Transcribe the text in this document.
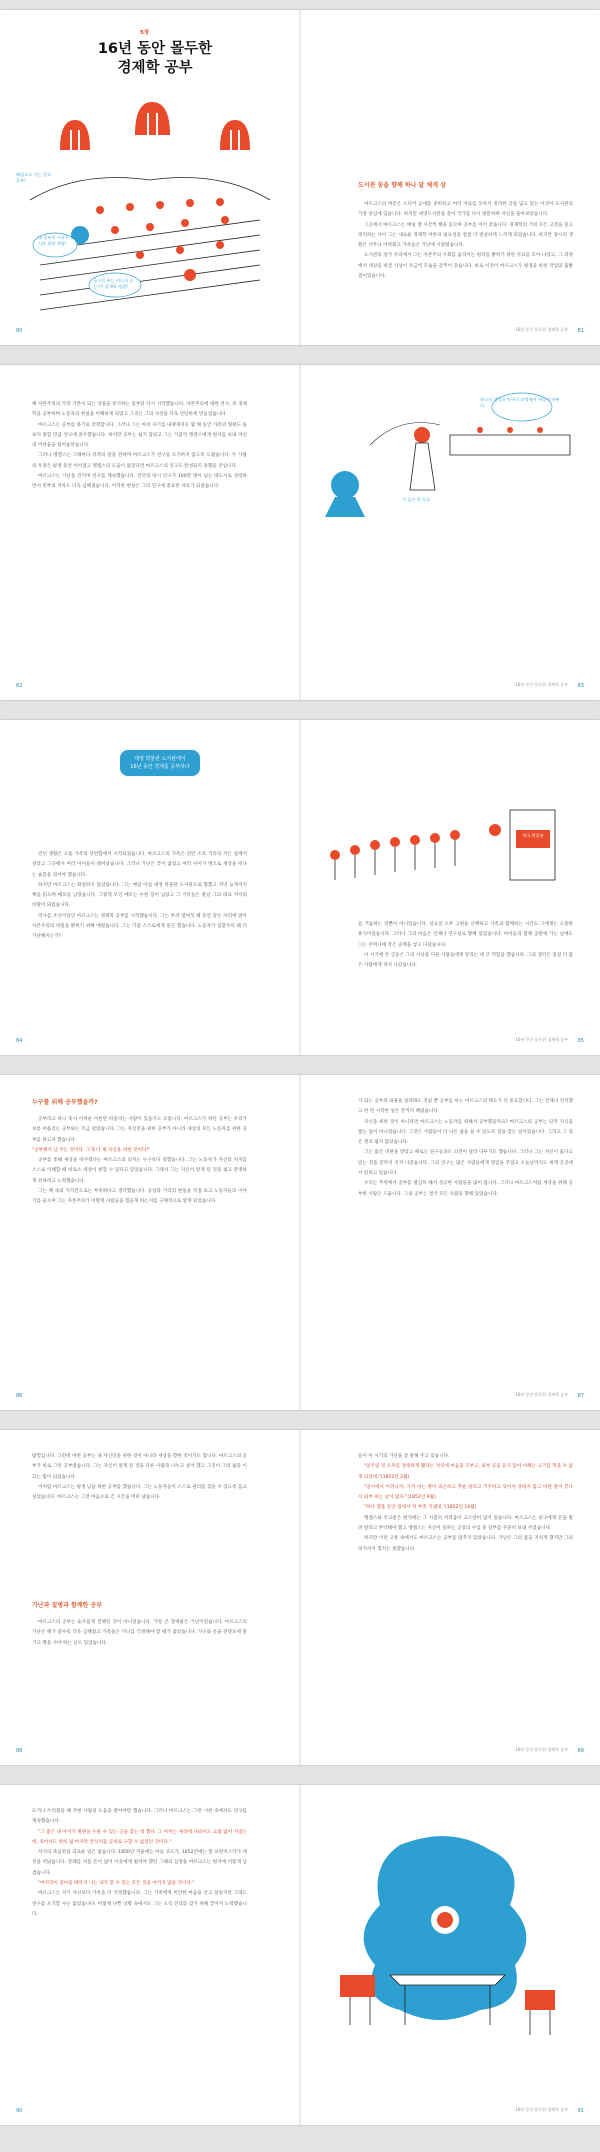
5장
16년 동안 몰두한
경제학 공부
레임으로 가는 길도 공부!
내 공부의 시작은 도서관 뒤편 책장!
국가의 부는 어디서 오는가? 경제학 정말!
80
도서관 꿈을 향해 하나 달 체게 삼

마르크스의 버릇은 드디어 공세를 준비하고 여러 자료를 모아서 정리한 글을 담고 있는 이것이 도서관의 가장 중심에 있습니다. 하지만 대영도서관을 찾아 국가를 다시 방문하며 자신을 돌아보았습니다.

그곳에서 마르크스는 매일 열 시간씩 책을 읽으며 공부를 이어 갔습니다. 경제학의 거의 모든 고전을 읽고 정리하는 사이 그는 새로운 경제학 이론의 필요성을 점점 더 절실하게 느끼게 되었습니다. 하지만 당시의 생활은 너무나 어려웠고 가족들은 가난에 시달렸습니다.

도서관의 창가 자리에서 그는 자본주의 사회를 움직이는 원리를 밝히기 위한 자료를 모아 나갔고, 그 과정에서 세상을 바꿀 사상이 조금씩 모습을 갖추어 갔습니다. 바로 이것이 마르크스가 평생을 바친 작업의 출발점이었습니다.

16년 동안 몰두한 경제학 공부 81

해 자본주의의 가장 기본이 되는 상품을 분석하는 일부터 다시 시작했습니다. 자본주의에 대한 연구, 즉 경제학을 공부하며 노동자의 현실을 이해하게 되었고 그것은 그의 사상을 더욱 단단하게 만들었습니다.

마르크스는 공부를 하기로 작정합니다. 그러나 그는 마치 자기를 내팽개치듯 몇 해 동안 가족의 형편도 돌보지 못할 만큼 연구에 몰두했습니다. 하지만 공부는 쉽지 않았고 그는 가끔씩 엥겔스에게 편지를 보내 자신의 어려움을 털어놓았습니다.

그러나 엥겔스는 그때마다 격려의 말을 전하며 마르크스가 연구를 포기하지 않도록 도왔습니다. 두 사람의 우정은 평생 동안 이어졌고 엥겔스의 도움이 없었다면 마르크스의 연구도 완성되지 못했을 것입니다.

마르크스는 가난을 견디며 연구를 계속했습니다. 런던의 당시 인구가 100만 명이 넘는 대도시로 성장하면서 빈부의 격차도 더욱 심해졌습니다. 이러한 현실은 그의 연구에 중요한 자료가 되었습니다.

82
하나의 생각과 연구의 과정에서 세상이 바뀐다.
이 둘은 한 동료
16년 동안 몰두한 경제학 공부 83
대영 박물관 도서관에서
16년 동안 경제를 공부하다

런던 생활은 으뜸 가족의 단란함에서 시작되었습니다. 마르크스의 가족은 런던 소호 거리의 작은 집에서 살았고 그곳에서 여러 아이들이 태어났습니다. 그러나 가난은 끝이 없었고 여러 아이가 병으로 세상을 떠나는 슬픔을 겪어야 했습니다.

하지만 마르크스는 좌절하지 않았습니다. 그는 매일 아침 대영 박물관 도서관으로 향했고 저녁 늦게까지 책을 읽으며 메모를 남겼습니다. 그렇게 모인 메모는 수천 장이 넘었고 그 기록들은 훗날 그의 대표 저서의 바탕이 되었습니다.

역사를 조선이었던 마르크스는 경제학 공부를 시작했습니다. 그는 무려 열여섯 해 동안 같은 자리에 앉아 자본주의의 비밀을 밝히기 위해 애썼습니다. 그는 가끔 스스로에게 묻곤 했습니다. 노동자가 일할수록 왜 더 가난해지는가?

84
영국 박물관

를 거듭하는 것뿐이 아니었습니다. 일요일 오후 고원을 산책하고 가족과 함께하는 시간도 그에게는 소중한 휴식이었습니다. 그러나 그의 마음은 언제나 연구실로 향해 있었습니다. 아이들과 함께 공원에 가는 날에도 그는 주머니에 작은 공책을 넣고 다녔습니다.

이 시기에 쓴 글들은 그의 사상을 다른 사람들에게 알리는 데 큰 역할을 했습니다. 그의 생각은 점점 더 많은 사람에게 퍼져 나갔습니다.

16년 동안 몰두한 경제학 공부 85
누구를 위해 공부했을까?

공부라고 하니 혹시 어려운 이론만 떠올리는 사람이 있을지도 모릅니다. 마르크스가 하던 공부는 우리가 보통 떠올리는 공부와는 조금 달랐습니다. 그는 자신만을 위한 공부가 아니라 세상의 모든 노동자를 위한 공부를 하고자 했습니다.

"공부해서 남 주는 것이다. 그게 다 제 자신을 위한 것이다!"

공부를 통해 세상을 바꾸겠다는 마르크스의 의지는 누구보다 강했습니다. 그는 노동자가 자신의 처지를 스스로 이해할 때 비로소 세상이 변할 수 있다고 믿었습니다. 그래서 그는 자신이 알게 된 것을 쉽고 분명하게 전하려고 노력했습니다.

그는 책 속의 지식만으로는 부족하다고 생각했습니다. 공장과 거리의 현실을 직접 보고 노동자들의 이야기를 들으며 그는 자본주의가 어떻게 사람들을 힘들게 하는지를 구체적으로 알게 되었습니다.

86

가 되는 공부의 내용을 살펴봐도 것일 뿐 공부를 하는 마르크스의 태도가 더 중요합니다. 그는 언제나 진지했고 한 번 시작한 일은 끝까지 해냈습니다.

자신을 위한 것이 아니라면 마르크스는 노동자를 위해서 공부했을까요? 마르크스의 공부는 단지 지식을 쌓는 일이 아니었습니다. 그것은 사람들이 더 나은 삶을 살 수 있도록 길을 찾는 일이었습니다. 그리고 그 길은 결코 쉽지 않았습니다.

그는 많은 비판을 받았고 때로는 친구들과도 의견이 달라 다투기도 했습니다. 그러나 그는 자신이 옳다고 믿는 것을 끝까지 지켜 나갔습니다. 그의 연구는 많은 사람들에게 영감을 주었고 오늘날까지도 세계 곳곳에서 읽히고 있습니다.

우리는 주위에서 공부를 열심히 해서 성공한 사람들을 많이 봅니다. 그러나 마르크스처럼 세상을 위해 공부한 사람은 드뭅니다. 그의 공부는 결국 모든 사람을 향해 있었습니다.

16년 동안 몰두한 경제학 공부 87

탐험입니다. 그런데 어떤 공부는 내 자신만을 위한 것이 아니라 세상을 향한 것이기도 합니다. 마르크스의 공부가 바로 그런 공부였습니다. 그는 자신이 알게 된 것을 다른 사람과 나누고 싶어 했고 그것이 그의 삶을 이끄는 힘이 되었습니다.

이처럼 마르크스는 평생 남을 위한 공부를 했습니다. 그는 노동자들이 스스로 권리를 찾을 수 있도록 돕고 싶었습니다. 마르크스는 그런 마음으로 긴 시간을 버텨 냈습니다.

가난과 질병과 함께한 공부

마르크스의 공부는 순조롭게 진행된 것이 아니었습니다. 가장 큰 장애물은 가난이었습니다. 마르크스의 가난은 해가 갈수록 더욱 심해졌고 가족들은 끼니를 걱정해야 할 때가 많았습니다. 가구와 옷을 전당포에 맡기고 빵을 사야 하는 날도 있었습니다.

88

들이 이 시기의 가난을 잘 말해 주고 있습니다.

"일주일 전 오후를 결정하게 됐다는 저녁에 마음을 꼬부고, 외부 공을 듣지 않아 이해는 크기를 먹을 수 없게 되었네."(1852년 2월)

"일시에서 이러니까, 가까 아는 병이 피곤하고 추운 달리고 거주하고 있어서 상하지 않고 비싼 말이 끝나서 외부 쉬는 날이 없다."(1852년 9월)

"하나 열흘 동안 집에서 저 부족 지냈네."(1852년 10월)

엥겔스와 주고받은 편지에는 그 시절의 어려움이 고스란히 담겨 있습니다. 마르크스는 친구에게 돈을 빌려 달라고 부탁해야 했고 엥겔스는 자신이 일하는 공장의 수입 중 일부를 꾸준히 보내 주었습니다.

하지만 이런 고통 속에서도 마르크스는 공부를 멈추지 않았습니다. 가난은 그의 몸을 지치게 했지만 그의 의지까지 꺾지는 못했습니다.

16년 동안 몰두한 경제학 공부 89

뜨거나 쓰러졌을 때 주변 사람의 도움을 받아야만 했습니다. 그러나 마르크스는 그런 시련 속에서도 연구를 계속했습니다.

"그 좋은 내 아이가 병원을 누울 수 있는 곳을 찾는 데 했다. 그 아이는 세상에 나와서도 요람 없이 지냈는데, 죽어서도 편히 쉴 마지막 안식처를 곧바로 구할 수 없었던 것이다."

자식의 죽음만큼 괴로운 일은 없습니다. 1850년 겨울에는 아들 귀도가, 1852년에는 딸 프란치스카가 세상을 떠났습니다. 장례를 치를 돈이 없어 이웃에게 빌려야 했던 그때의 심정을 마르크스는 편지에 이렇게 남겼습니다.

"마지막이 찾아올 때까지 나는 내가 할 수 있는 모든 것을 아끼지 않을 것이다."

마르크스는 자기 자신보다 가족을 더 걱정했습니다. 그는 가족에게 미안한 마음을 안고 살았지만 그래도 연구를 포기할 수는 없었습니다. 이렇게 나쁜 상황 속에서도 그는 오직 진리를 찾기 위해 끝까지 노력했습니다.

90	16년 동안 몰두한 경제학 공부 91
